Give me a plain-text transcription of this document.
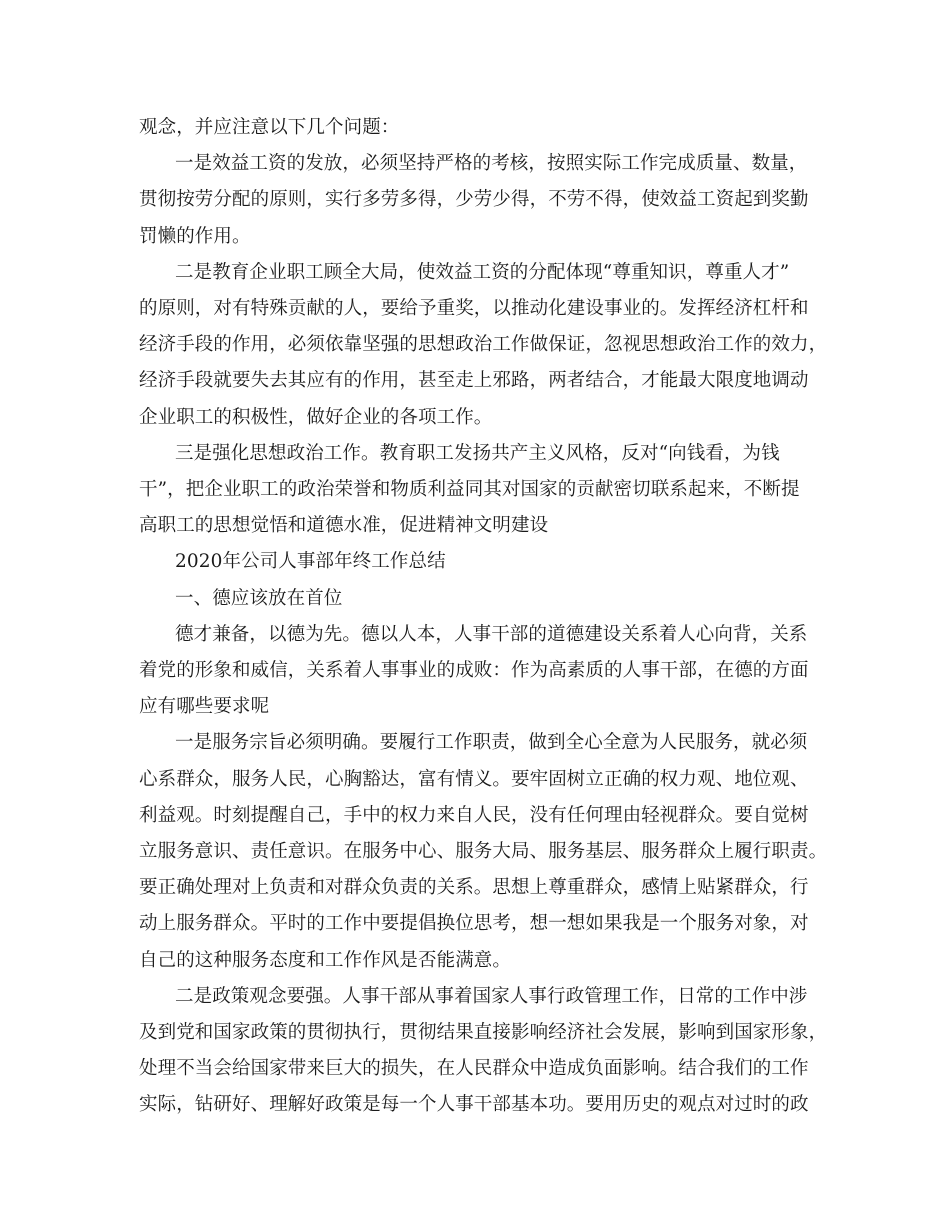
观念，并应注意以下几个问题：
一是效益工资的发放，必须坚持严格的考核，按照实际工作完成质量、数量，
贯彻按劳分配的原则，实行多劳多得，少劳少得，不劳不得，使效益工资起到奖勤
罚懒的作用。
二是教育企业职工顾全大局，使效益工资的分配体现“尊重知识，尊重人才”
的原则，对有特殊贡献的人，要给予重奖，以推动化建设事业的。发挥经济杠杆和
经济手段的作用，必须依靠坚强的思想政治工作做保证，忽视思想政治工作的效力，
经济手段就要失去其应有的作用，甚至走上邪路，两者结合，才能最大限度地调动
企业职工的积极性，做好企业的各项工作。
三是强化思想政治工作。教育职工发扬共产主义风格，反对“向钱看，为钱
干”，把企业职工的政治荣誉和物质利益同其对国家的贡献密切联系起来，不断提
高职工的思想觉悟和道德水准，促进精神文明建设
2020年公司人事部年终工作总结
一、德应该放在首位
德才兼备，以德为先。德以人本，人事干部的道德建设关系着人心向背，关系
着党的形象和威信，关系着人事事业的成败：作为高素质的人事干部，在德的方面
应有哪些要求呢
一是服务宗旨必须明确。要履行工作职责，做到全心全意为人民服务，就必须
心系群众，服务人民，心胸豁达，富有情义。要牢固树立正确的权力观、地位观、
利益观。时刻提醒自己，手中的权力来自人民，没有任何理由轻视群众。要自觉树
立服务意识、责任意识。在服务中心、服务大局、服务基层、服务群众上履行职责。
要正确处理对上负责和对群众负责的关系。思想上尊重群众，感情上贴紧群众，行
动上服务群众。平时的工作中要提倡换位思考，想一想如果我是一个服务对象，对
自己的这种服务态度和工作作风是否能满意。
二是政策观念要强。人事干部从事着国家人事行政管理工作，日常的工作中涉
及到党和国家政策的贯彻执行，贯彻结果直接影响经济社会发展，影响到国家形象，
处理不当会给国家带来巨大的损失，在人民群众中造成负面影响。结合我们的工作
实际，钻研好、理解好政策是每一个人事干部基本功。要用历史的观点对过时的政
